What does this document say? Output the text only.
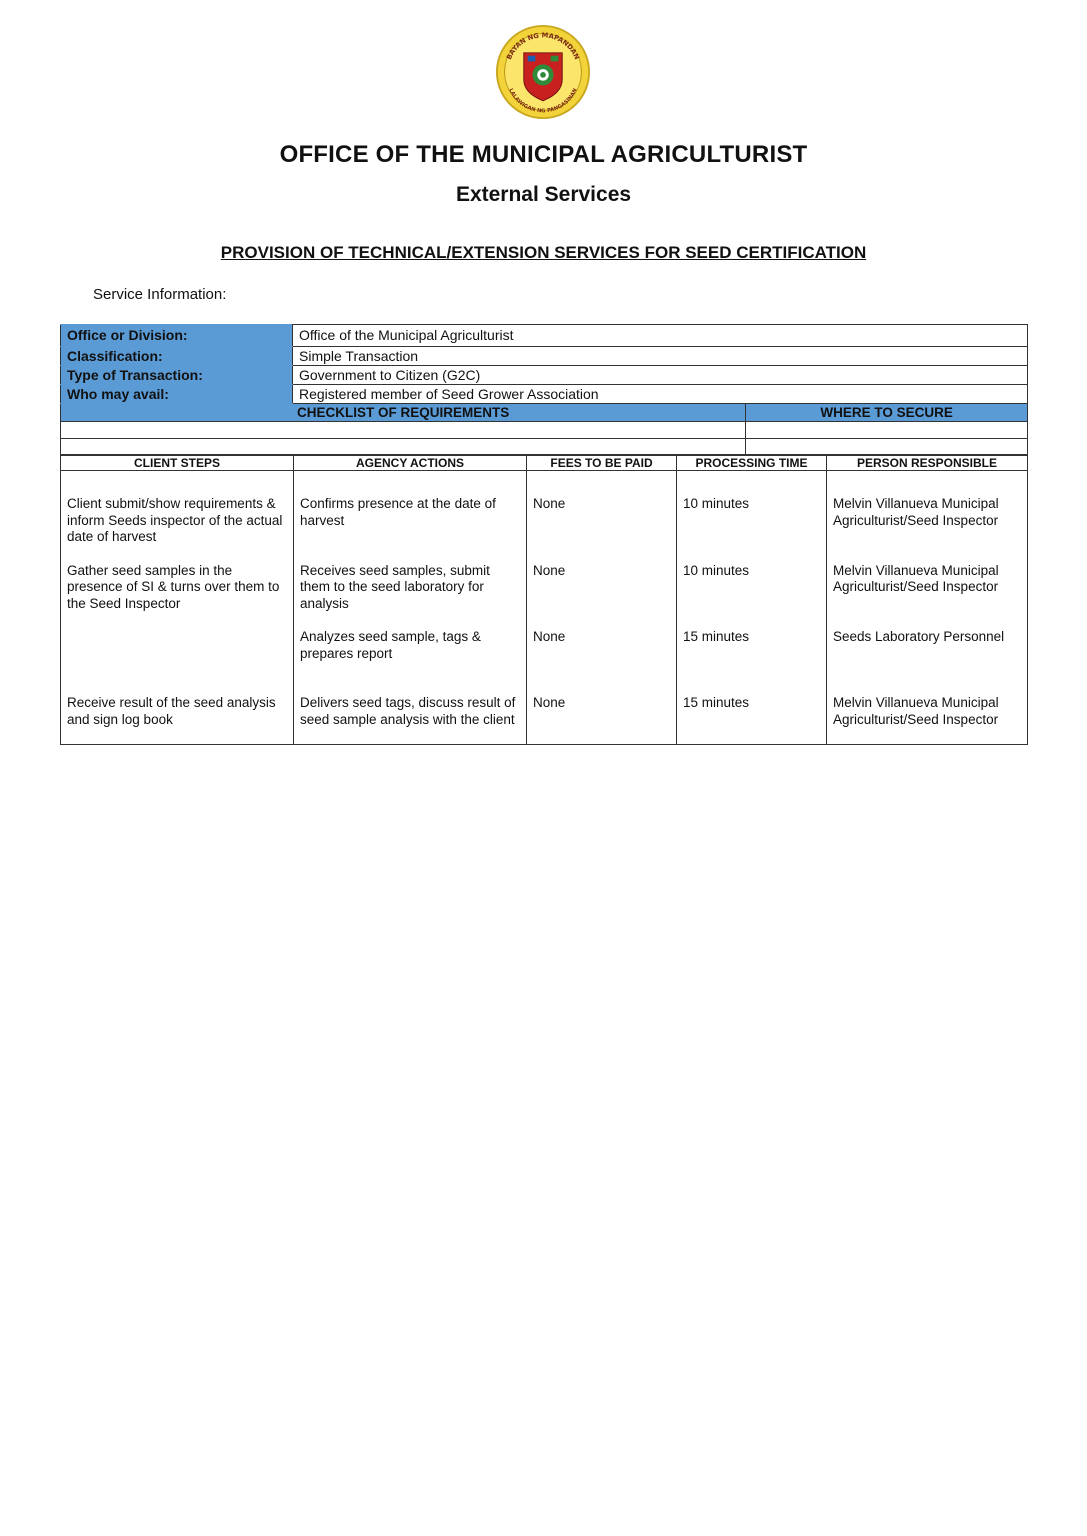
BAYAN NG MAPANDAN
LALAWIGAN NG PANGASINAN
OFFICE OF THE MUNICIPAL AGRICULTURIST
External Services
PROVISION OF TECHNICAL/EXTENSION SERVICES FOR SEED CERTIFICATION
Service Information:
Office or Division:	Office of the Municipal Agriculturist	
Classification:	Simple Transaction	
Type of Transaction:	Government to Citizen (G2C)	
Who may avail:	Registered member of Seed Grower Association	
CHECKLIST OF REQUIREMENTS		WHERE TO SECURE

CLIENT STEPS	AGENCY ACTIONS	FEES TO BE PAID	PROCESSING TIME	PERSON RESPONSIBLE
Client submit/show requirements & inform Seeds inspector of the actual date of harvest	Confirms presence at the date of harvest	None	10 minutes	Melvin Villanueva Municipal Agriculturist/Seed Inspector
Gather seed samples in the presence of SI & turns over them to the Seed Inspector	Receives seed samples, submit them to the seed laboratory for analysis	None	10 minutes	Melvin Villanueva Municipal Agriculturist/Seed Inspector
	Analyzes seed sample, tags & prepares report	None	15 minutes	Seeds Laboratory Personnel
Receive result of the seed analysis and sign log book	Delivers seed tags, discuss result of seed sample analysis with the client	None	15 minutes	Melvin Villanueva Municipal Agriculturist/Seed Inspector
